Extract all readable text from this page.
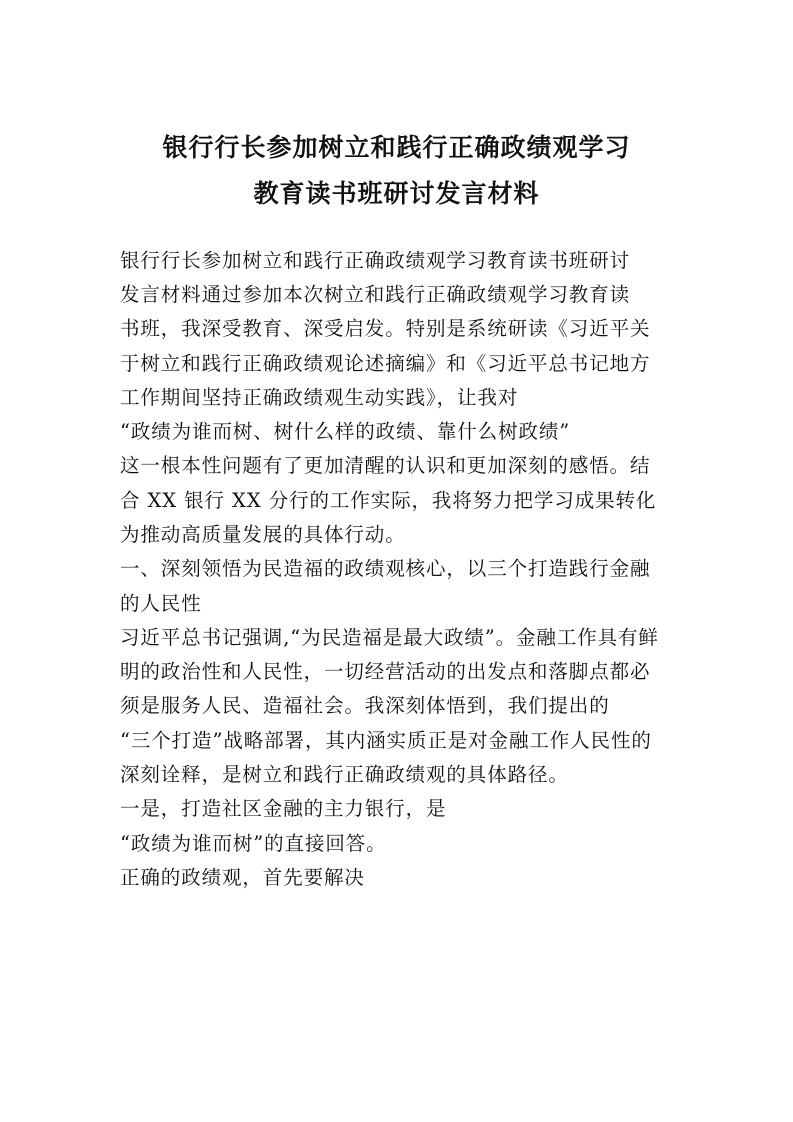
银行行长参加树立和践行正确政绩观学习
教育读书班研讨发言材料
银行行长参加树立和践行正确政绩观学习教育读书班研讨
发言材料通过参加本次树立和践行正确政绩观学习教育读
书班，我深受教育、深受启发。特别是系统研读《习近平关
于树立和践行正确政绩观论述摘编》和《习近平总书记地方
工作期间坚持正确政绩观生动实践》，让我对
“政绩为谁而树、树什么样的政绩、靠什么树政绩”
这一根本性问题有了更加清醒的认识和更加深刻的感悟。结
合 XX 银行 XX 分行的工作实际，我将努力把学习成果转化
为推动高质量发展的具体行动。
一、深刻领悟为民造福的政绩观核心，以三个打造践行金融
的人民性
习近平总书记强调,“为民造福是最大政绩”。金融工作具有鲜
明的政治性和人民性，一切经营活动的出发点和落脚点都必
须是服务人民、造福社会。我深刻体悟到，我们提出的
“三个打造”战略部署，其内涵实质正是对金融工作人民性的
深刻诠释，是树立和践行正确政绩观的具体路径。
一是，打造社区金融的主力银行，是
“政绩为谁而树”的直接回答。
正确的政绩观，首先要解决
